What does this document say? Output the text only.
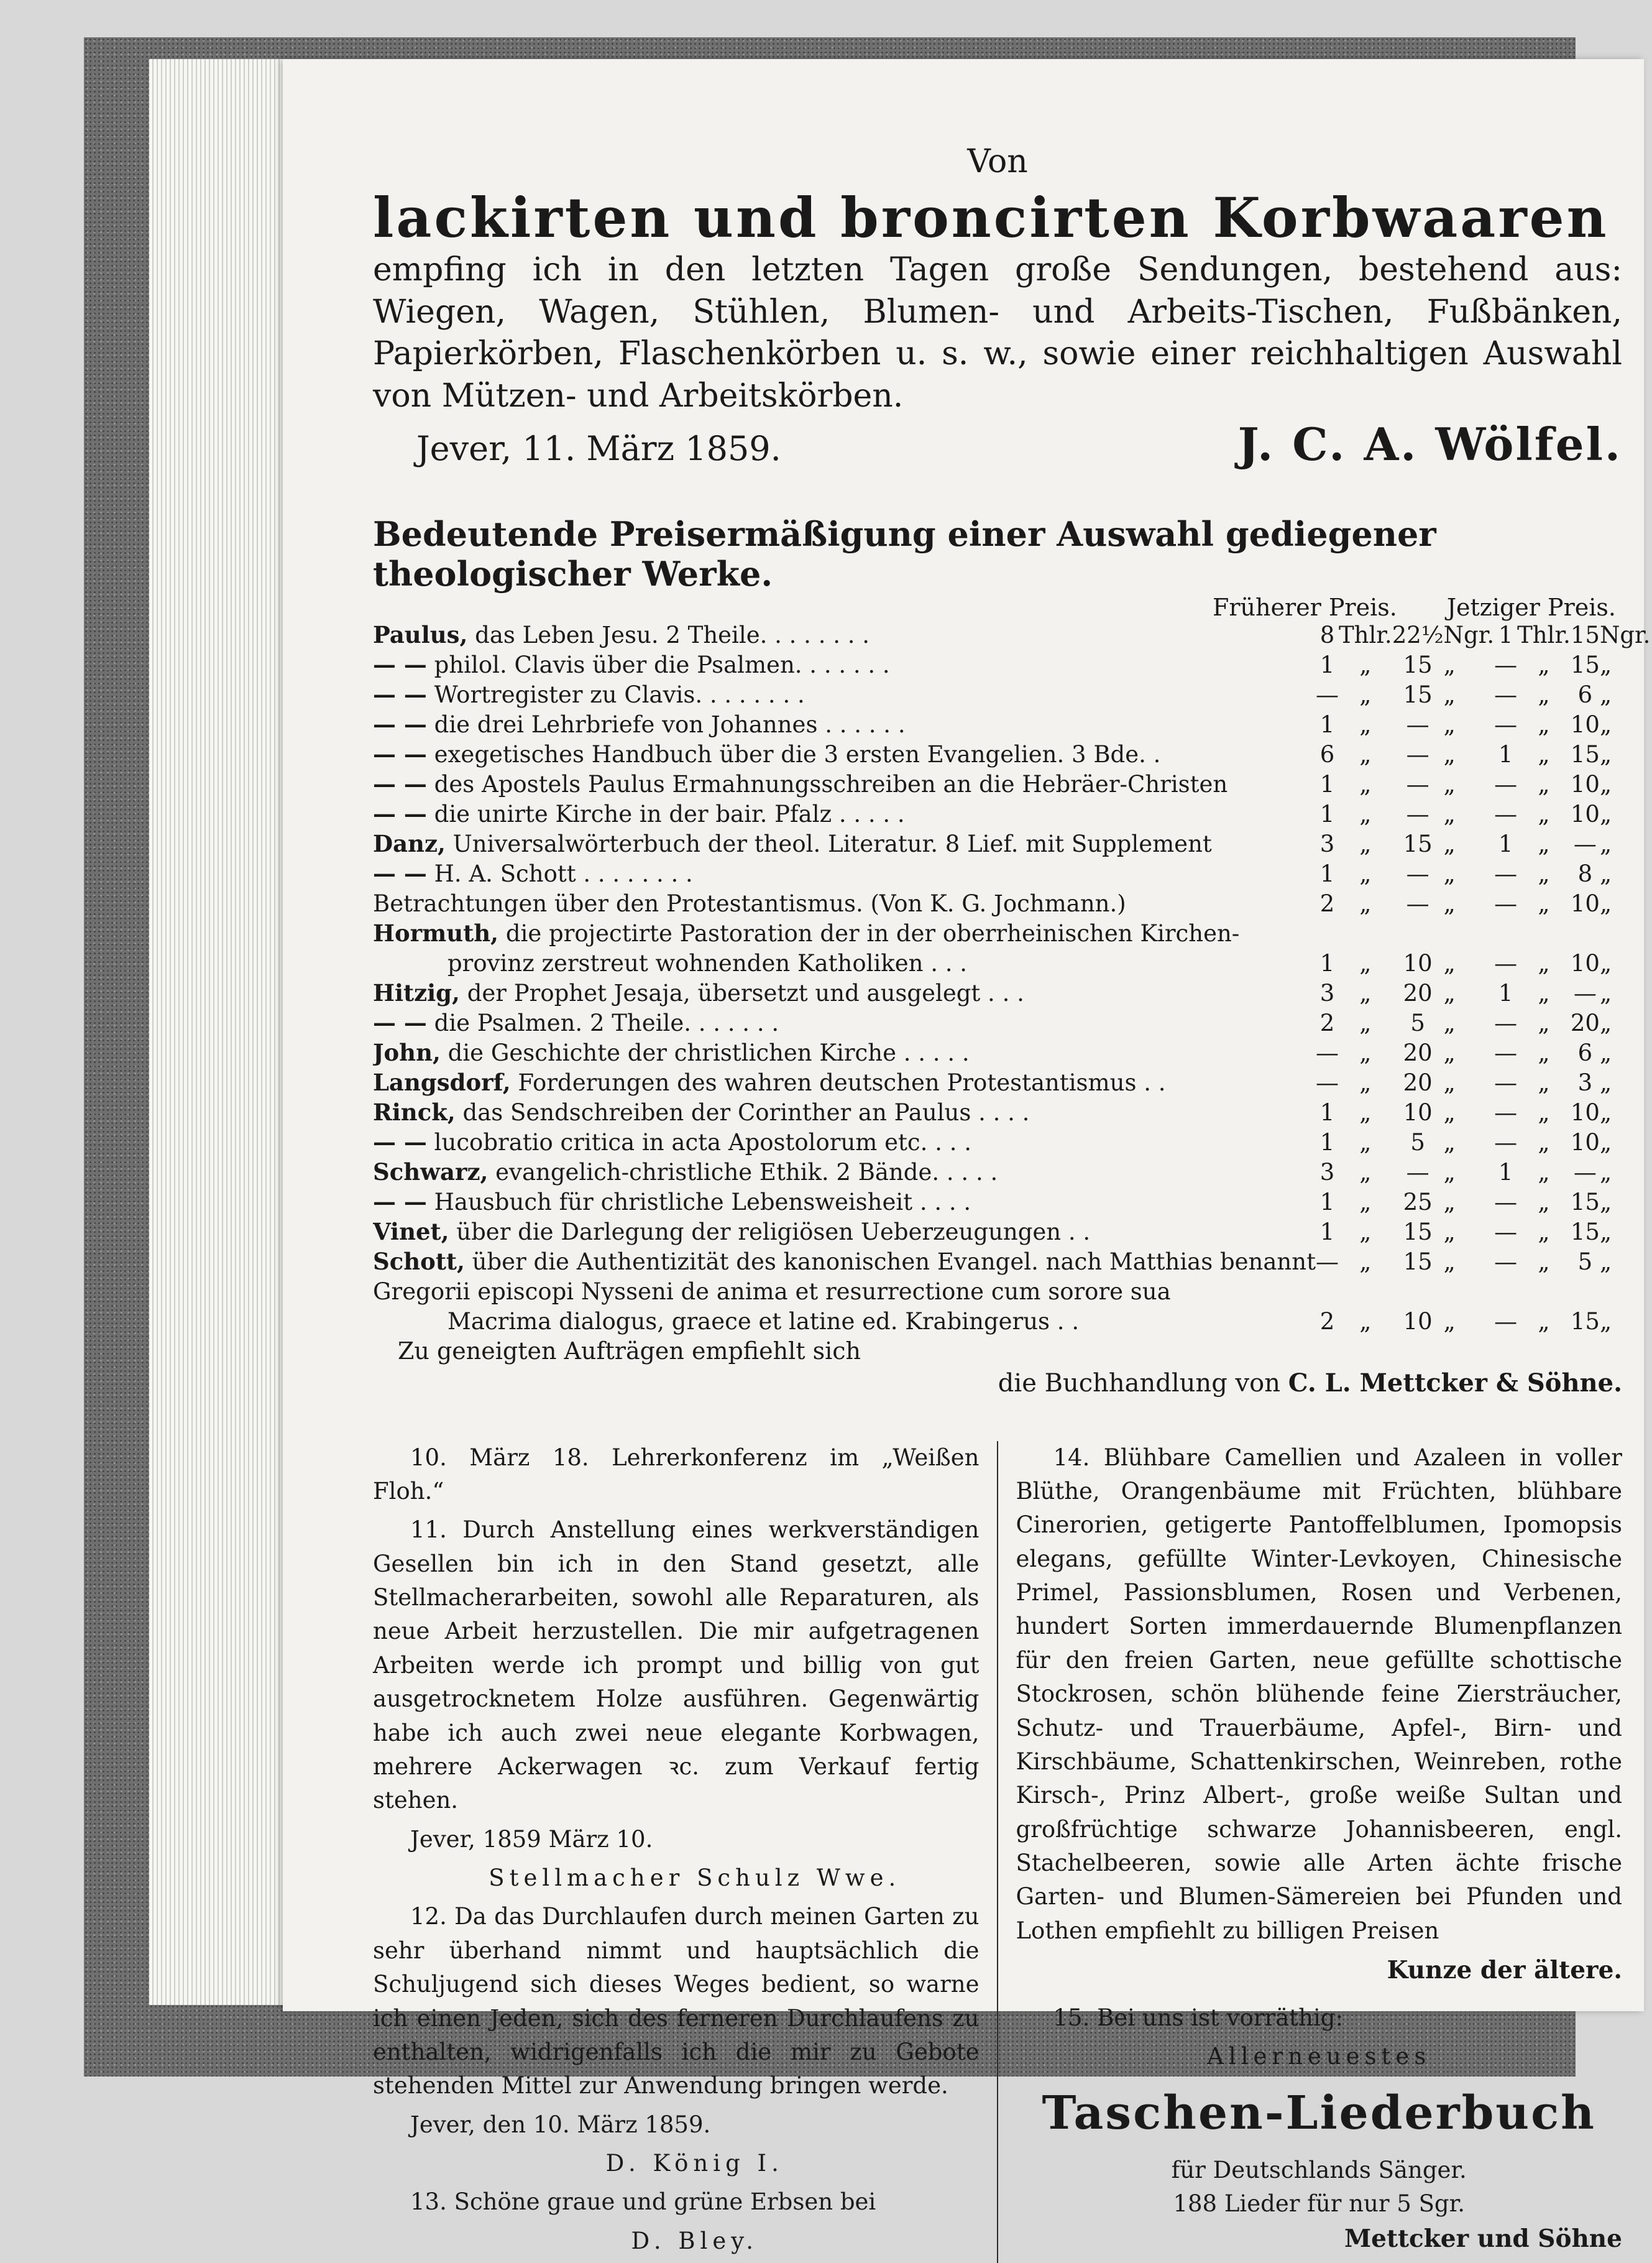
Von
lackirten und broncirten Korbwaaren
empfing ich in den letzten Tagen große Sendungen, bestehend aus: Wiegen, Wagen, Stühlen, Blumen- und Arbeits-Tischen, Fußbänken, Papierkörben, Flaschenkörben u. s. w., sowie einer reichhaltigen Auswahl von Mützen- und Arbeitskörben.
Jever, 11. März 1859.	J. C. A. Wölfel.
Bedeutende Preisermäßigung einer Auswahl gediegener theologischer Werke.
Früherer Preis. Jetziger Preis.
Paulus, das Leben Jesu. 2 Theile. . . . . . . .	8	Thlr.	22½	Ngr.	1	Thlr.	15	Ngr.
— — philol. Clavis über die Psalmen. . . . . . .	1	„	15	„	—	„	15	„
— — Wortregister zu Clavis. . . . . . . .	—	„	15	„	—	„	6	„
— — die drei Lehrbriefe von Johannes . . . . . .	1	„	—	„	—	„	10	„
— — exegetisches Handbuch über die 3 ersten Evangelien. 3 Bde. .	6	„	—	„	1	„	15	„
— — des Apostels Paulus Ermahnungsschreiben an die Hebräer-Christen	1	„	—	„	—	„	10	„
— — die unirte Kirche in der bair. Pfalz . . . . .	1	„	—	„	—	„	10	„
Danz, Universalwörterbuch der theol. Literatur. 8 Lief. mit Supplement	3	„	15	„	1	„	—	„
— — H. A. Schott . . . . . . . .	1	„	—	„	—	„	8	„
Betrachtungen über den Protestantismus. (Von K. G. Jochmann.)	2	„	—	„	—	„	10	„
Hormuth, die projectirte Pastoration der in der oberrheinischen Kirchen-								
provinz zerstreut wohnenden Katholiken . . .	1	„	10	„	—	„	10	„
Hitzig, der Prophet Jesaja, übersetzt und ausgelegt . . .	3	„	20	„	1	„	—	„
— — die Psalmen. 2 Theile. . . . . . .	2	„	5	„	—	„	20	„
John, die Geschichte der christlichen Kirche . . . . .	—	„	20	„	—	„	6	„
Langsdorf, Forderungen des wahren deutschen Protestantismus . .	—	„	20	„	—	„	3	„
Rinck, das Sendschreiben der Corinther an Paulus . . . .	1	„	10	„	—	„	10	„
— — lucobratio critica in acta Apostolorum etc. . . .	1	„	5	„	—	„	10	„
Schwarz, evangelich-christliche Ethik. 2 Bände. . . . .	3	„	—	„	1	„	—	„
— — Hausbuch für christliche Lebensweisheit . . . .	1	„	25	„	—	„	15	„
Vinet, über die Darlegung der religiösen Ueberzeugungen . .	1	„	15	„	—	„	15	„
Schott, über die Authentizität des kanonischen Evangel. nach Matthias benannt	—	„	15	„	—	„	5	„
Gregorii episcopi Nysseni de anima et resurrectione cum sorore sua								
Macrima dialogus, graece et latine ed. Krabingerus . .	2	„	10	„	—	„	15	„
Zu geneigten Aufträgen empfiehlt sich
die Buchhandlung von C. L. Mettcker & Söhne.

10. März 18. Lehrerkonferenz im „Weißen Floh.“

11. Durch Anstellung eines werkverständigen Gesellen bin ich in den Stand gesetzt, alle Stellmacherarbeiten, sowohl alle Reparaturen, als neue Arbeit herzustellen. Die mir aufgetragenen Arbeiten werde ich prompt und billig von gut ausgetrocknetem Holze ausführen. Gegenwärtig habe ich auch zwei neue elegante Korbwagen, mehrere Ackerwagen ꝛc. zum Verkauf fertig stehen.

Jever, 1859 März 10.

Stellmacher Schulz Wwe.

12. Da das Durchlaufen durch meinen Garten zu sehr überhand nimmt und hauptsächlich die Schuljugend sich dieses Weges bedient, so warne ich einen Jeden, sich des ferneren Durchlaufens zu enthalten, widrigenfalls ich die mir zu Gebote stehenden Mittel zur Anwendung bringen werde.

Jever, den 10. März 1859.

D. König I.

13. Schöne graue und grüne Erbsen bei

D. Bley.

14. Blühbare Camellien und Azaleen in voller Blüthe, Orangenbäume mit Früchten, blühbare Cinerorien, getigerte Pantoffelblumen, Ipomopsis elegans, gefüllte Winter-Levkoyen, Chinesische Primel, Passionsblumen, Rosen und Verbenen, hundert Sorten immerdauernde Blumenpflanzen für den freien Garten, neue gefüllte schottische Stockrosen, schön blühende feine Ziersträucher, Schutz- und Trauerbäume, Apfel-, Birn- und Kirschbäume, Schattenkirschen, Weinreben, rothe Kirsch-, Prinz Albert-, große weiße Sultan und großfrüchtige schwarze Johannisbeeren, engl. Stachelbeeren, sowie alle Arten ächte frische Garten- und Blumen-Sämereien bei Pfunden und Lothen empfiehlt zu billigen Preisen

Kunze der ältere.

15. Bei uns ist vorräthig:

Allerneuestes
Taschen-Liederbuch
für Deutschlands Sänger.
188 Lieder für nur 5 Sgr.
Mettcker und Söhne
